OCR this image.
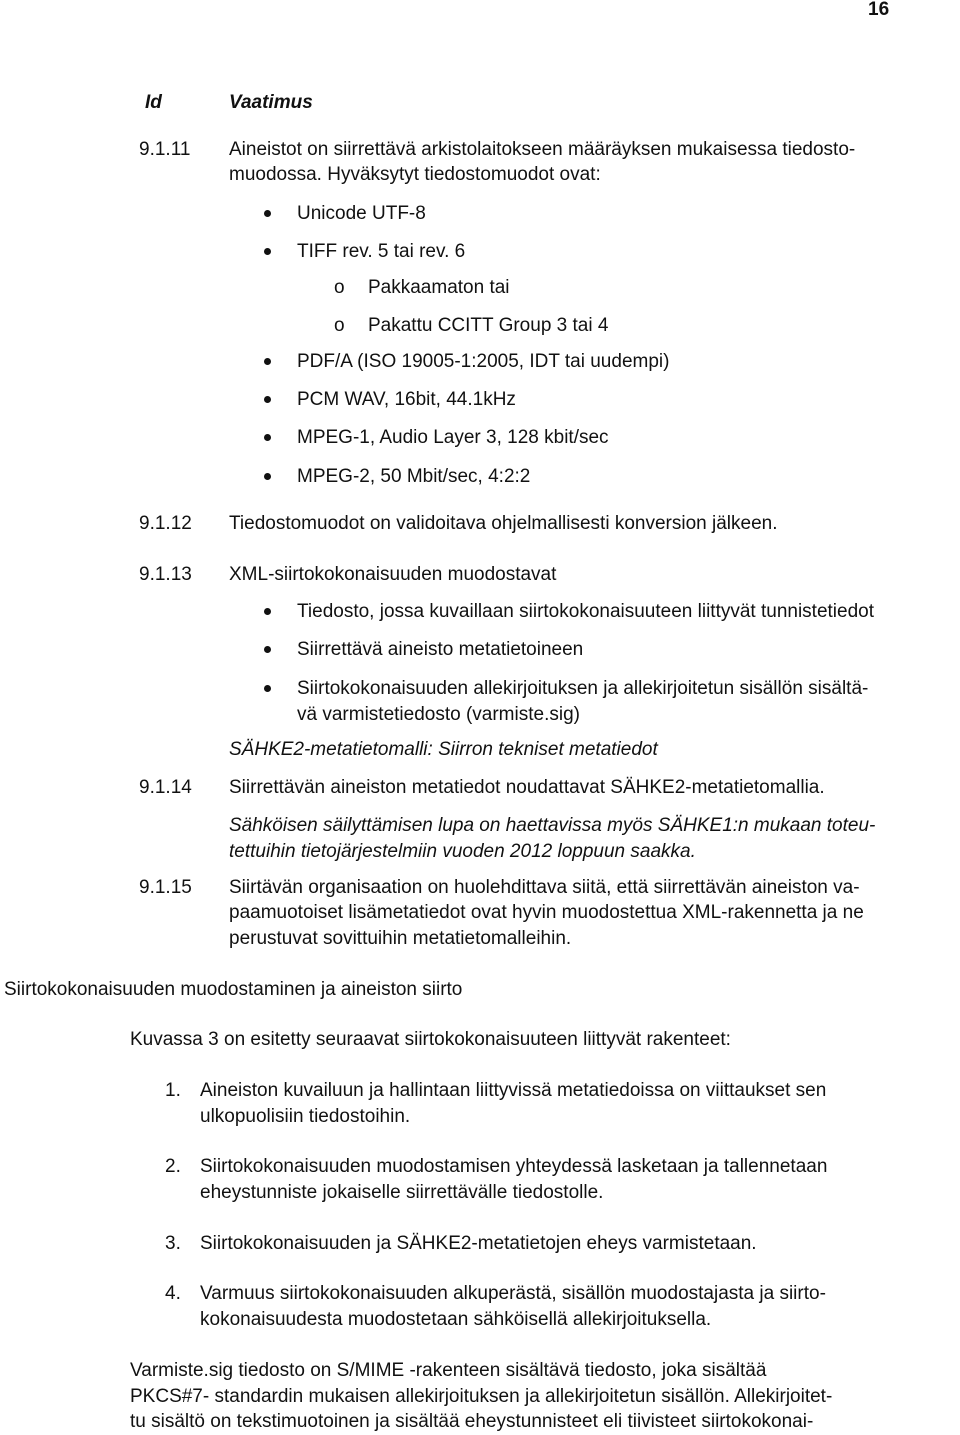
16
Id	Vaatimus
9.1.11 Aineistot on siirrettävä arkistolaitokseen määräyksen mukaisessa tiedosto-
muodossa. Hyväksytyt tiedostomuodot ovat:
Unicode UTF-8
TIFF rev. 5 tai rev. 6
o Pakkaamaton tai
o Pakattu CCITT Group 3 tai 4
PDF/A (ISO 19005-1:2005, IDT tai uudempi)
PCM WAV, 16bit, 44.1kHz
MPEG-1, Audio Layer 3, 128 kbit/sec
MPEG-2, 50 Mbit/sec, 4:2:2
9.1.12 Tiedostomuodot on validoitava ohjelmallisesti konversion jälkeen.
9.1.13 XML-siirtokokonaisuuden muodostavat
Tiedosto, jossa kuvaillaan siirtokokonaisuuteen liittyvät tunnistetiedot
Siirrettävä aineisto metatietoineen
Siirtokokonaisuuden allekirjoituksen ja allekirjoitetun sisällön sisältä-
vä varmistetiedosto (varmiste.sig)
SÄHKE2-metatietomalli: Siirron tekniset metatiedot
9.1.14 Siirrettävän aineiston metatiedot noudattavat SÄHKE2-metatietomallia.
Sähköisen säilyttämisen lupa on haettavissa myös SÄHKE1:n mukaan toteu-
tettuihin tietojärjestelmiin vuoden 2012 loppuun saakka.
9.1.15 Siirtävän organisaation on huolehdittava siitä, että siirrettävän aineiston va-
paamuotoiset lisämetatiedot ovat hyvin muodostettua XML-rakennetta ja ne
perustuvat sovittuihin metatietomalleihin.
Siirtokokonaisuuden muodostaminen ja aineiston siirto
Kuvassa 3 on esitetty seuraavat siirtokokonaisuuteen liittyvät rakenteet:
1. Aineiston kuvailuun ja hallintaan liittyvissä metatiedoissa on viittaukset sen
ulkopuolisiin tiedostoihin.
2. Siirtokokonaisuuden muodostamisen yhteydessä lasketaan ja tallennetaan
eheystunniste jokaiselle siirrettävälle tiedostolle.
3. Siirtokokonaisuuden ja SÄHKE2-metatietojen eheys varmistetaan.
4. Varmuus siirtokokonaisuuden alkuperästä, sisällön muodostajasta ja siirto-
kokonaisuudesta muodostetaan sähköisellä allekirjoituksella.
Varmiste.sig tiedosto on S/MIME -rakenteen sisältävä tiedosto, joka sisältää
PKCS#7- standardin mukaisen allekirjoituksen ja allekirjoitetun sisällön. Allekirjoitet-
tu sisältö on tekstimuotoinen ja sisältää eheystunnisteet eli tiivisteet siirtokokonai-
